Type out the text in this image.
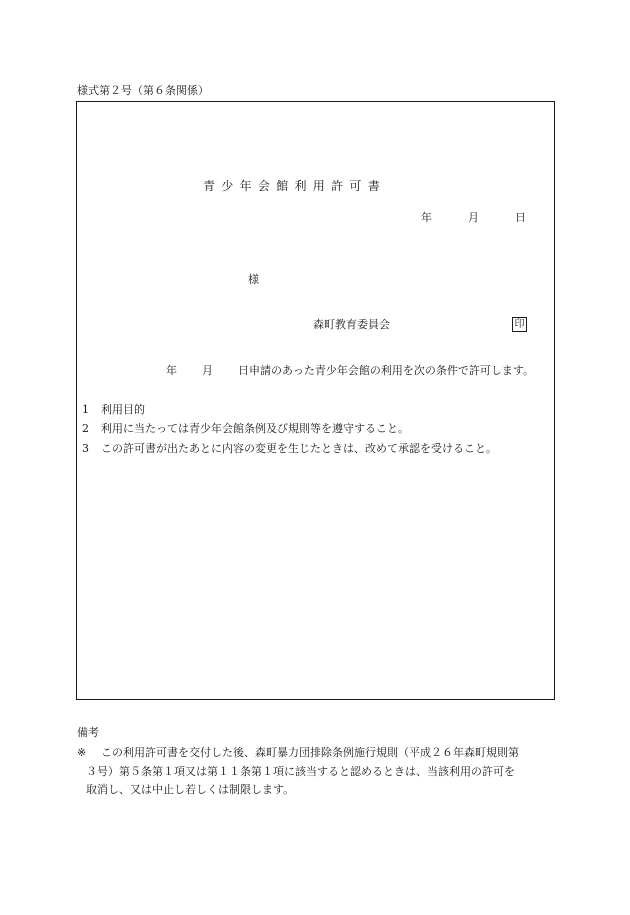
様式第２号（第６条関係）
青少年会館利用許可書
年	月	日
様
森町教育委員会	印
年 月 日申請のあった青少年会館の利用を次の条件で許可します。
1 利用目的
2 利用に当たっては青少年会館条例及び規則等を遵守すること。
3 この許可書が出たあとに内容の変更を生じたときは、改めて承認を受けること。
備考
※ この利用許可書を交付した後、森町暴力団排除条例施行規則（平成２６年森町規則第
３号）第５条第１項又は第１１条第１項に該当すると認めるときは、当該利用の許可を
取消し、又は中止し若しくは制限します。
